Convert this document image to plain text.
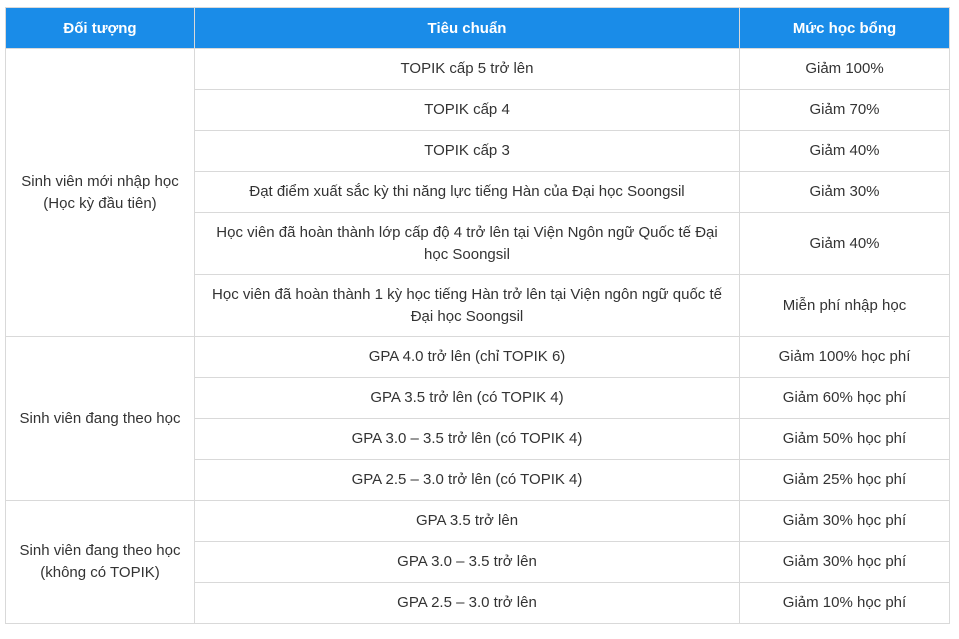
Đối tượng	Tiêu chuẩn	Mức học bổng
Sinh viên mới nhập học (Học kỳ đầu tiên)	TOPIK cấp 5 trở lên	Giảm 100%
	TOPIK cấp 4	Giảm 70%
	TOPIK cấp 3	Giảm 40%
	Đạt điểm xuất sắc kỳ thi năng lực tiếng Hàn của Đại học Soongsil	Giảm 30%
	Học viên đã hoàn thành lớp cấp độ 4 trở lên tại Viện Ngôn ngữ Quốc tế Đại học Soongsil	Giảm 40%
	Học viên đã hoàn thành 1 kỳ học tiếng Hàn trở lên tại Viện ngôn ngữ quốc tế Đại học Soongsil	Miễn phí nhập học
Sinh viên đang theo học	GPA 4.0 trở lên (chỉ TOPIK 6)	Giảm 100% học phí
	GPA 3.5 trở lên (có TOPIK 4)	Giảm 60% học phí
	GPA 3.0 – 3.5 trở lên (có TOPIK 4)	Giảm 50% học phí
	GPA 2.5 – 3.0 trở lên (có TOPIK 4)	Giảm 25% học phí
Sinh viên đang theo học (không có TOPIK)	GPA 3.5 trở lên	Giảm 30% học phí
	GPA 3.0 – 3.5 trở lên	Giảm 30% học phí
	GPA 2.5 – 3.0 trở lên	Giảm 10% học phí
